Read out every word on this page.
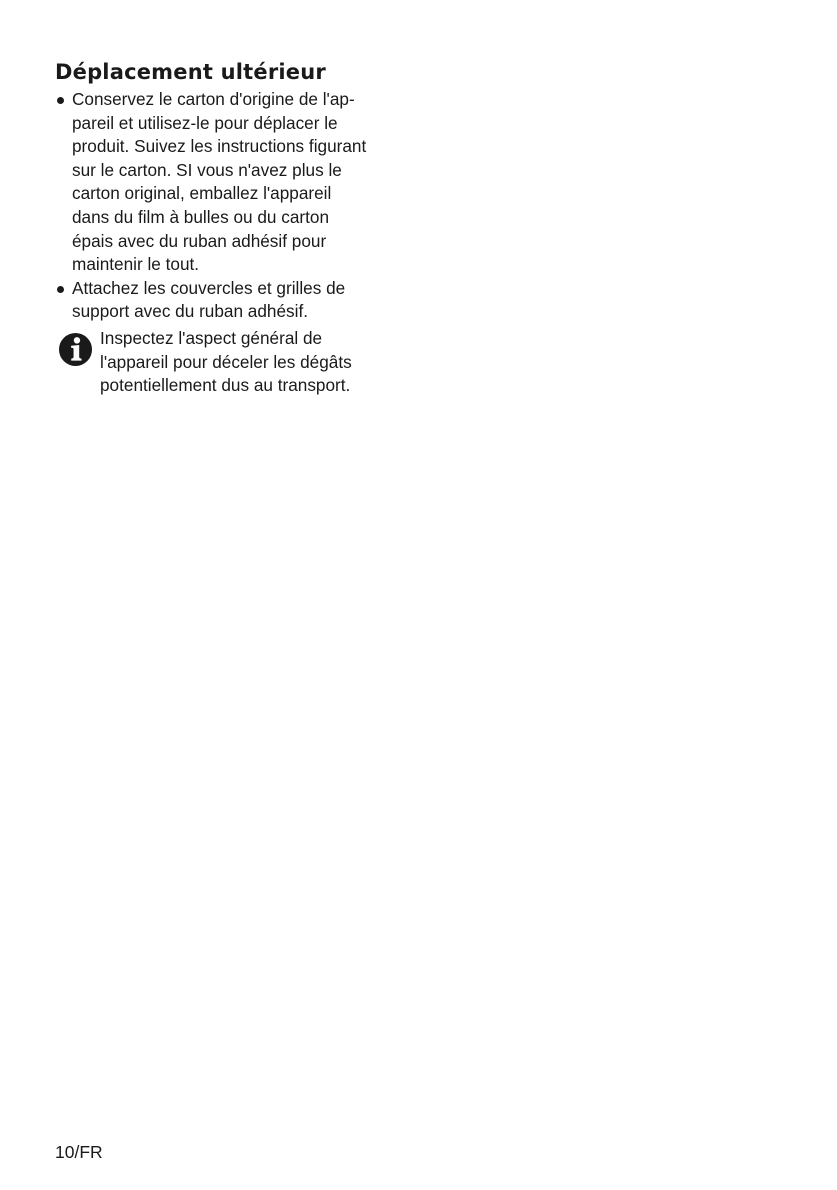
Déplacement ultérieur
Conservez le carton d'origine de l'ap-
pareil et utilisez-le pour déplacer le
produit. Suivez les instructions figurant
sur le carton. SI vous n'avez plus le
carton original, emballez l'appareil
dans du film à bulles ou du carton
épais avec du ruban adhésif pour
maintenir le tout.
Attachez les couvercles et grilles de
support avec du ruban adhésif.
Inspectez l'aspect général de
l'appareil pour déceler les dégâts
potentiellement dus au transport.
10/FR
